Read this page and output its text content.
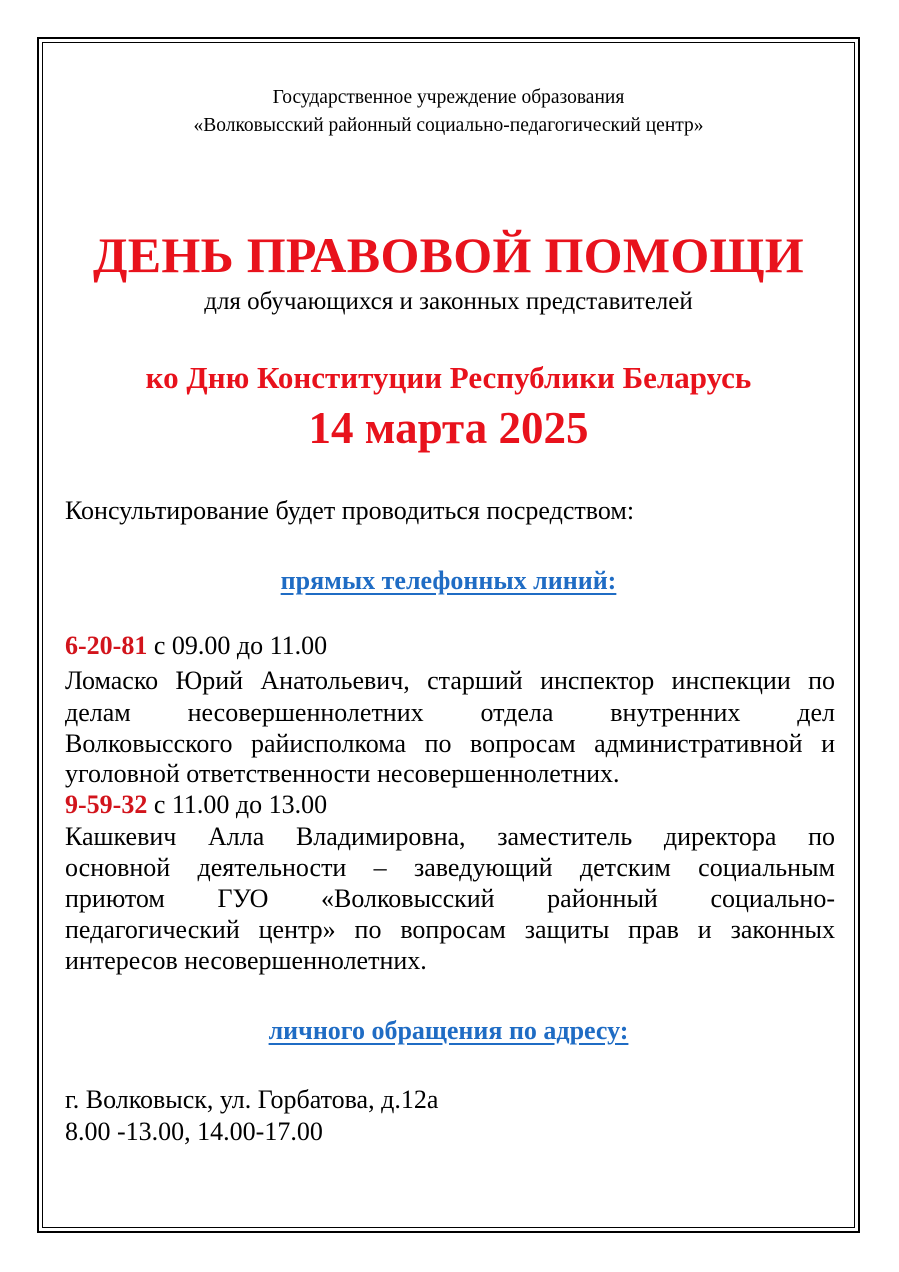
Государственное учреждение образования
«Волковысский районный социально-педагогический центр»
ДЕНЬ ПРАВОВОЙ ПОМОЩИ
для обучающихся и законных представителей
ко Дню Конституции Республики Беларусь
14 марта 2025
Консультирование будет проводиться посредством:
прямых телефонных линий:
6-20-81 с 09.00 до 11.00
Ломаско Юрий Анатольевич, старший инспектор инспекции по
делам несовершеннолетних отдела внутренних дел
Волковысского райисполкома по вопросам административной и
уголовной ответственности несовершеннолетних.
9-59-32 с 11.00 до 13.00
Кашкевич Алла Владимировна, заместитель директора по
основной деятельности – заведующий детским социальным
приютом ГУО «Волковысский районный социально-
педагогический центр» по вопросам защиты прав и законных
интересов несовершеннолетних.
личного обращения по адресу:
г. Волковыск, ул. Горбатова, д.12а
8.00 -13.00, 14.00-17.00
